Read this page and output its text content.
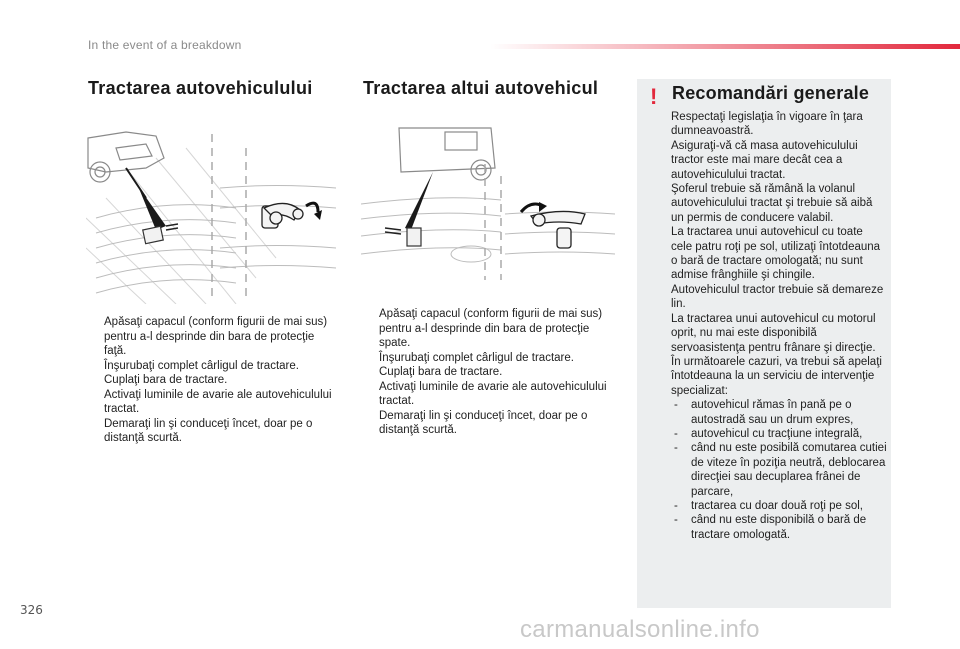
In the event of a breakdown
Tractarea autovehiculului
Apăsaţi capacul (conform figurii de mai sus) pentru a-l desprinde din bara de protecţie faţă.
Înşurubaţi complet cârligul de tractare.
Cuplaţi bara de tractare.
Activaţi luminile de avarie ale autovehiculului tractat.
Demaraţi lin şi conduceţi încet, doar pe o distanţă scurtă.
Tractarea altui autovehicul
Apăsaţi capacul (conform figurii de mai sus) pentru a-l desprinde din bara de protecţie spate.
Înşurubaţi complet cârligul de tractare.
Cuplaţi bara de tractare.
Activaţi luminile de avarie ale autovehiculului tractat.
Demaraţi lin şi conduceţi încet, doar pe o distanţă scurtă.
! Recomandări generale

Respectaţi legislaţia în vigoare în ţara dumneavoastră.

Asiguraţi-vă că masa autovehiculului tractor este mai mare decât cea a autovehiculului tractat.

Şoferul trebuie să rămână la volanul autovehiculului tractat şi trebuie să aibă un permis de conducere valabil.

La tractarea unui autovehicul cu toate cele patru roţi pe sol, utilizaţi întotdeauna o bară de tractare omologată; nu sunt admise frânghiile şi chingile.

Autovehiculul tractor trebuie să demareze lin.

La tractarea unui autovehicul cu motorul oprit, nu mai este disponibilă servoasistenţa pentru frânare şi direcţie.

În următoarele cazuri, va trebui să apelaţi întotdeauna la un serviciu de intervenţie specializat:

- autovehicul rămas în pană pe o autostradă sau un drum expres,
- autovehicul cu tracţiune integrală,
- când nu este posibilă comutarea cutiei de viteze în poziţia neutră, deblocarea direcţiei sau decuplarea frânei de parcare,
- tractarea cu doar două roţi pe sol,
- când nu este disponibilă o bară de tractare omologată.
326
carmanualsonline.info
